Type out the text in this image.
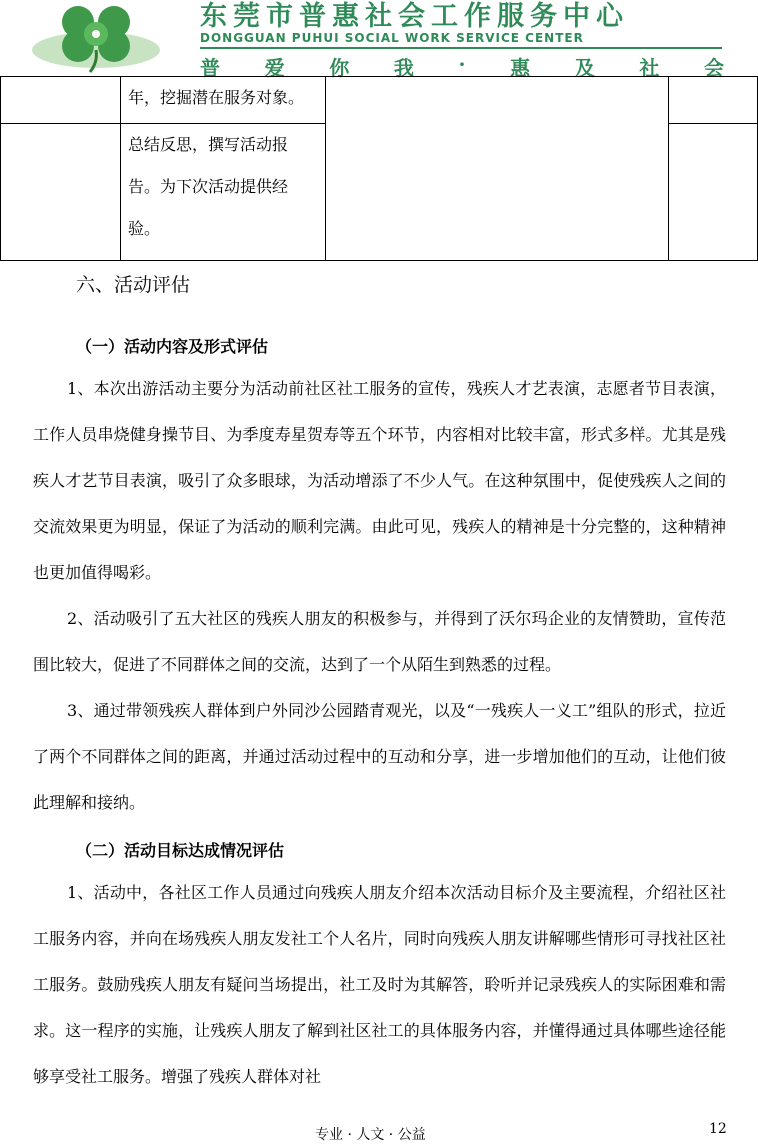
东莞市普惠社会工作服务中心
DONGGUAN PUHUI SOCIAL WORK SERVICE CENTER
普 爱 你 我 · 惠 及 社 会
	年，挖掘潜在服务对象。		
	总结反思，撰写活动报告。为下次活动提供经验。		
六、活动评估
（一）活动内容及形式评估

1、本次出游活动主要分为活动前社区社工服务的宣传，残疾人才艺表演，志愿者节目表演，工作人员串烧健身操节目、为季度寿星贺寿等五个环节，内容相对比较丰富，形式多样。尤其是残疾人才艺节目表演，吸引了众多眼球，为活动增添了不少人气。在这种氛围中，促使残疾人之间的交流效果更为明显，保证了为活动的顺利完满。由此可见，残疾人的精神是十分完整的，这种精神也更加值得喝彩。

2、活动吸引了五大社区的残疾人朋友的积极参与，并得到了沃尔玛企业的友情赞助，宣传范围比较大，促进了不同群体之间的交流，达到了一个从陌生到熟悉的过程。

3、通过带领残疾人群体到户外同沙公园踏青观光，以及“一残疾人一义工”组队的形式，拉近了两个不同群体之间的距离，并通过活动过程中的互动和分享，进一步增加他们的互动，让他们彼此理解和接纳。

（二）活动目标达成情况评估

1、活动中，各社区工作人员通过向残疾人朋友介绍本次活动目标介及主要流程，介绍社区社工服务内容，并向在场残疾人朋友发社工个人名片，同时向残疾人朋友讲解哪些情形可寻找社区社工服务。鼓励残疾人朋友有疑问当场提出，社工及时为其解答，聆听并记录残疾人的实际困难和需求。这一程序的实施，让残疾人朋友了解到社区社工的具体服务内容，并懂得通过具体哪些途径能够享受社工服务。增强了残疾人群体对社

专业 · 人文 · 公益	12
